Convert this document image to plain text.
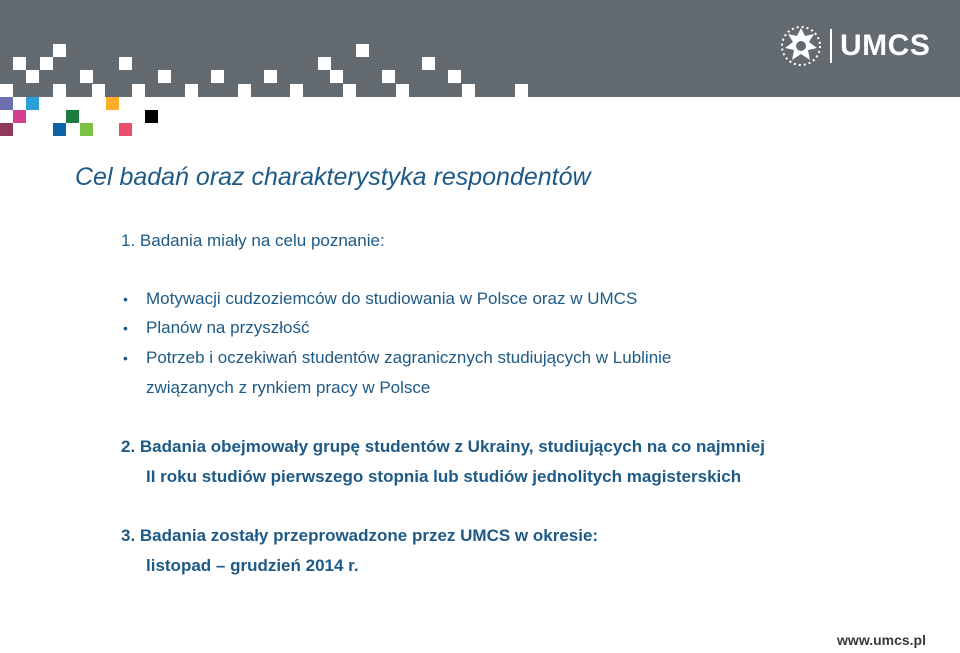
UMCS
Cel badań oraz charakterystyka respondentów
1. Badania miały na celu poznanie:
• Motywacji cudzoziemców do studiowania w Polsce oraz w UMCS
• Planów na przyszłość
• Potrzeb i oczekiwań studentów zagranicznych studiujących w Lublinie
związanych z rynkiem pracy w Polsce
2. Badania obejmowały grupę studentów z Ukrainy, studiujących na co najmniej
II roku studiów pierwszego stopnia lub studiów jednolitych magisterskich
3. Badania zostały przeprowadzone przez UMCS w okresie:
listopad – grudzień 2014 r.
www.umcs.pl
